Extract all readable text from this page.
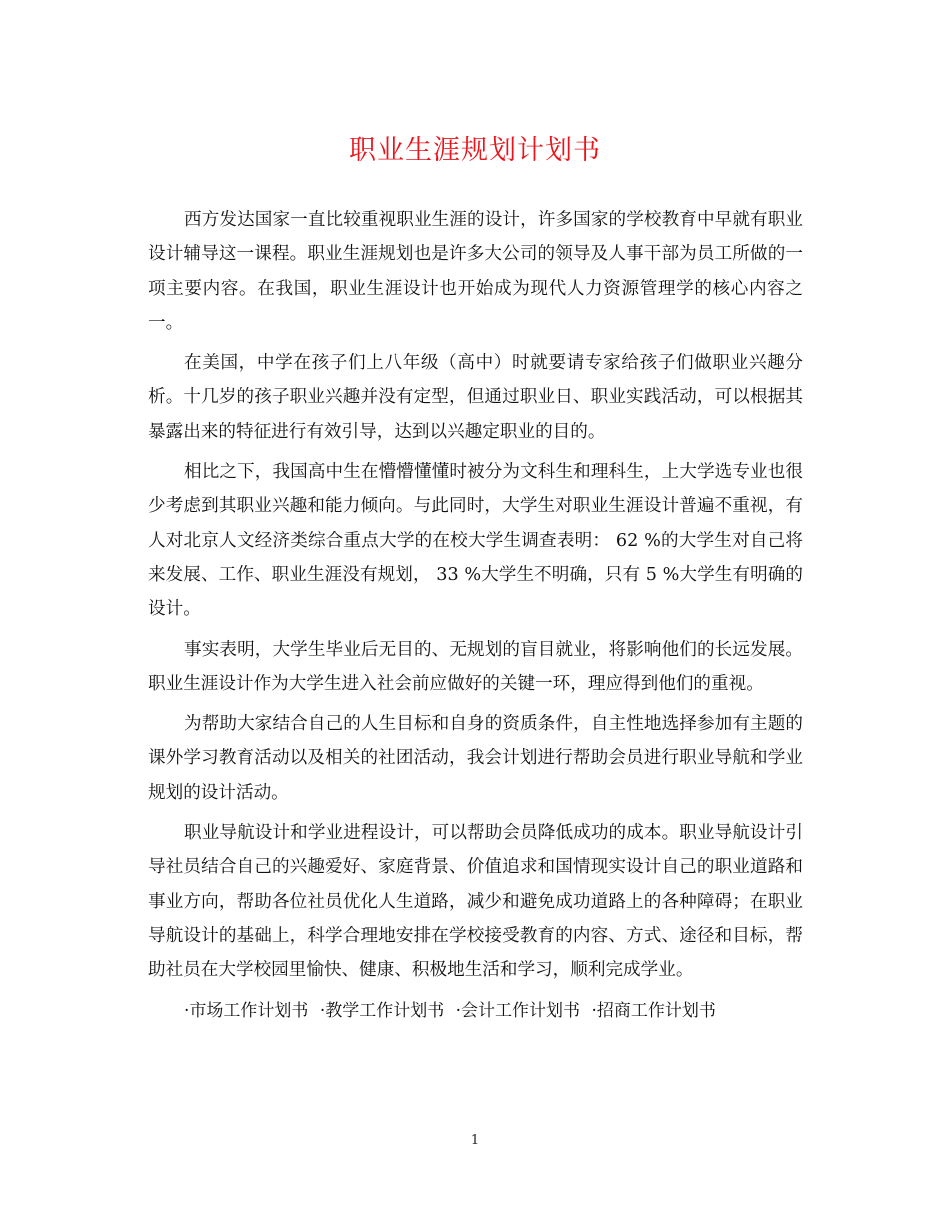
职业生涯规划计划书

西方发达国家一直比较重视职业生涯的设计，许多国家的学校教育中早就有职业设计辅导这一课程。职业生涯规划也是许多大公司的领导及人事干部为员工所做的一项主要内容。在我国，职业生涯设计也开始成为现代人力资源管理学的核心内容之一。

在美国，中学在孩子们上八年级（高中）时就要请专家给孩子们做职业兴趣分析。十几岁的孩子职业兴趣并没有定型，但通过职业日、职业实践活动，可以根据其暴露出来的特征进行有效引导，达到以兴趣定职业的目的。

相比之下，我国高中生在懵懵懂懂时被分为文科生和理科生，上大学选专业也很少考虑到其职业兴趣和能力倾向。与此同时，大学生对职业生涯设计普遍不重视，有人对北京人文经济类综合重点大学的在校大学生调查表明： 62 %的大学生对自己将来发展、工作、职业生涯没有规划， 33 %大学生不明确，只有 5 %大学生有明确的设计。

事实表明，大学生毕业后无目的、无规划的盲目就业，将影响他们的长远发展。职业生涯设计作为大学生进入社会前应做好的关键一环，理应得到他们的重视。

为帮助大家结合自己的人生目标和自身的资质条件，自主性地选择参加有主题的课外学习教育活动以及相关的社团活动，我会计划进行帮助会员进行职业导航和学业规划的设计活动。

职业导航设计和学业进程设计，可以帮助会员降低成功的成本。职业导航设计引导社员结合自己的兴趣爱好、家庭背景、价值追求和国情现实设计自己的职业道路和事业方向，帮助各位社员优化人生道路，减少和避免成功道路上的各种障碍；在职业导航设计的基础上，科学合理地安排在学校接受教育的内容、方式、途径和目标，帮助社员在大学校园里愉快、健康、积极地生活和学习，顺利完成学业。

·市场工作计划书 ·教学工作计划书 ·会计工作计划书 ·招商工作计划书

1
